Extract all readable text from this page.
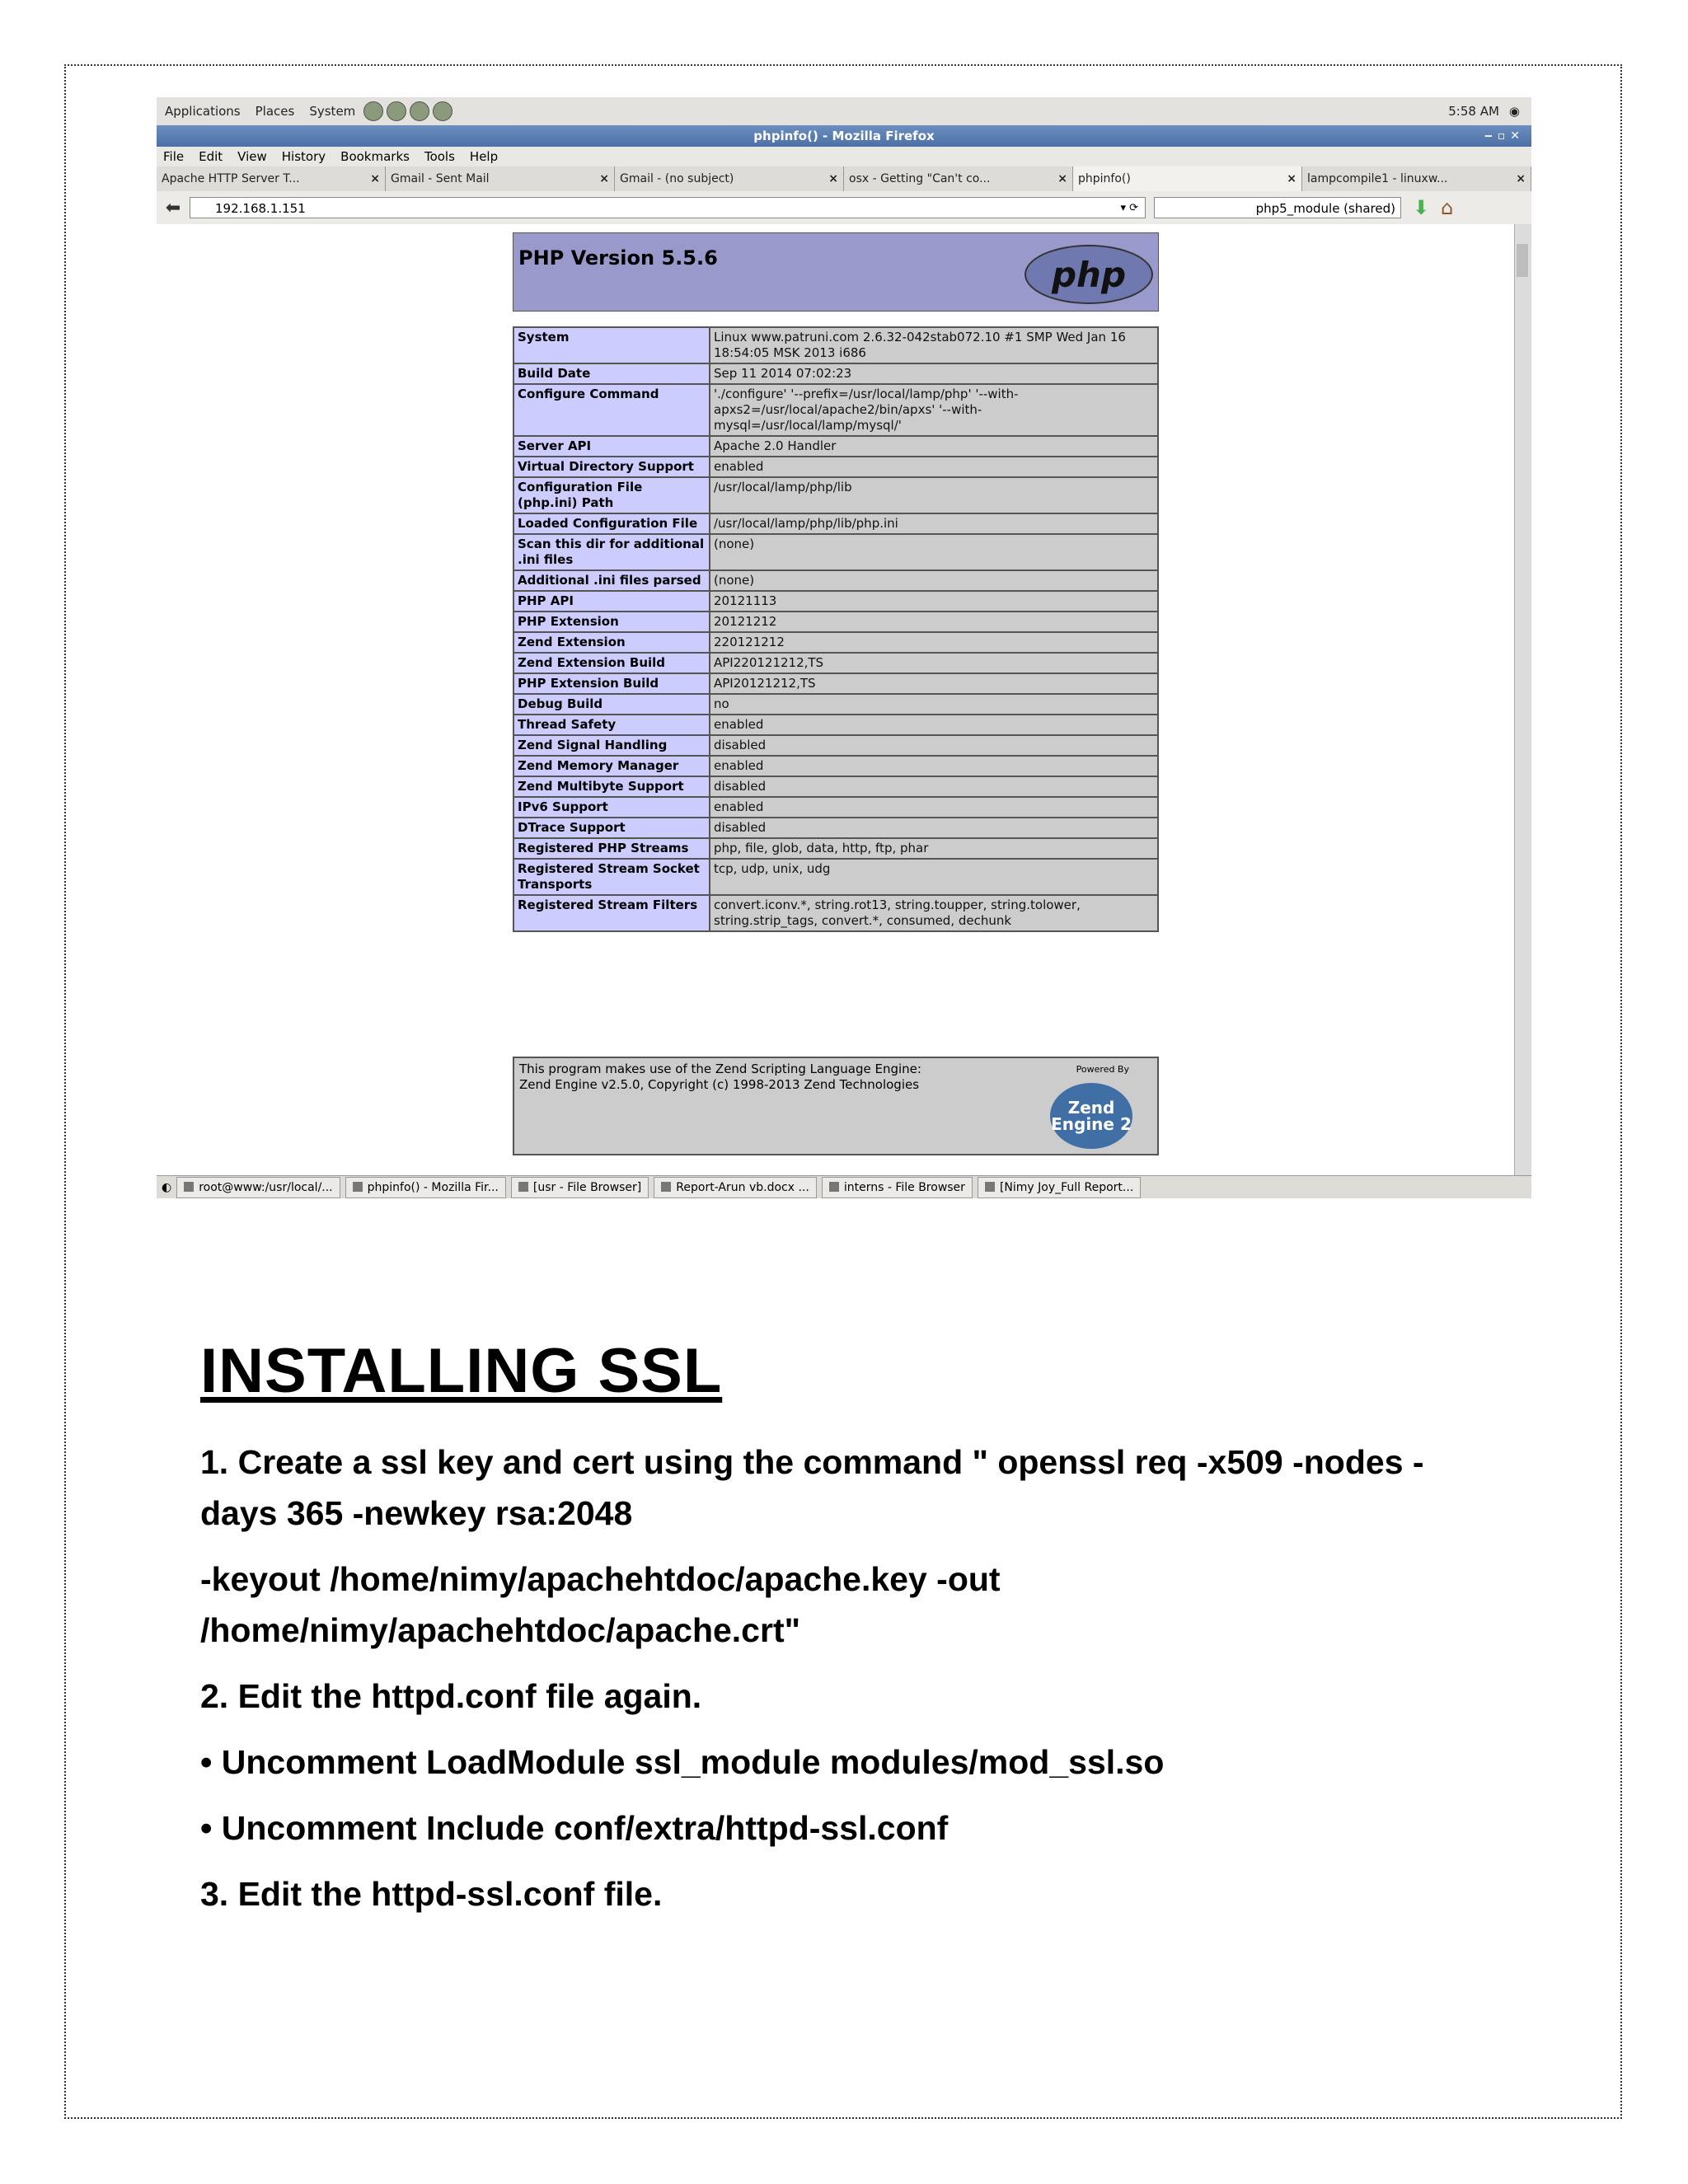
Applications Places System	5:58 AM ◉
phpinfo() - Mozilla Firefox	‒▫✕
File Edit View History Bookmarks Tools Help
Apache HTTP Server T...	× Gmail - Sent Mail	× Gmail - (no subject)	× osx - Getting "Can't co...	× phpinfo()	× lampcompile1 - linuxw...	×
⬅	192.168.1.151	▾ ⟳	php5_module (shared) ⬇ ⌂
PHP Version 5.5.6	php
System	Linux www.patruni.com 2.6.32-042stab072.10 #1 SMP Wed Jan 16 18:54:05 MSK 2013 i686
Build Date	Sep 11 2014 07:02:23
Configure Command	'./configure' '--prefix=/usr/local/lamp/php' '--with-apxs2=/usr/local/apache2/bin/apxs' '--with-mysql=/usr/local/lamp/mysql/'
Server API	Apache 2.0 Handler
Virtual Directory Support	enabled
Configuration File (php.ini) Path	/usr/local/lamp/php/lib
Loaded Configuration File	/usr/local/lamp/php/lib/php.ini
Scan this dir for additional .ini files	(none)
Additional .ini files parsed	(none)
PHP API	20121113
PHP Extension	20121212
Zend Extension	220121212
Zend Extension Build	API220121212,TS
PHP Extension Build	API20121212,TS
Debug Build	no
Thread Safety	enabled
Zend Signal Handling	disabled
Zend Memory Manager	enabled
Zend Multibyte Support	disabled
IPv6 Support	enabled
DTrace Support	disabled
Registered PHP Streams	php, file, glob, data, http, ftp, phar
Registered Stream Socket Transports	tcp, udp, unix, udg
Registered Stream Filters	convert.iconv.*, string.rot13, string.toupper, string.tolower, string.strip_tags, convert.*, consumed, dechunk
This program makes use of the Zend Scripting Language Engine:
Zend Engine v2.5.0, Copyright (c) 1998-2013 Zend Technologies
Powered By
Zend Engine 2
◐	root@www:/usr/local/...	phpinfo() - Mozilla Fir...	[usr - File Browser]	Report-Arun vb.docx ...	interns - File Browser	[Nimy Joy_Full Report...
INSTALLING SSL

1. Create a ssl key and cert using the command " openssl req -x509 -nodes -days 365 -newkey rsa:2048

-keyout /home/nimy/apachehtdoc/apache.key -out /home/nimy/apachehtdoc/apache.crt"

2. Edit the httpd.conf file again.

• Uncomment LoadModule ssl_module modules/mod_ssl.so

• Uncomment Include conf/extra/httpd-ssl.conf

3. Edit the httpd-ssl.conf file.
